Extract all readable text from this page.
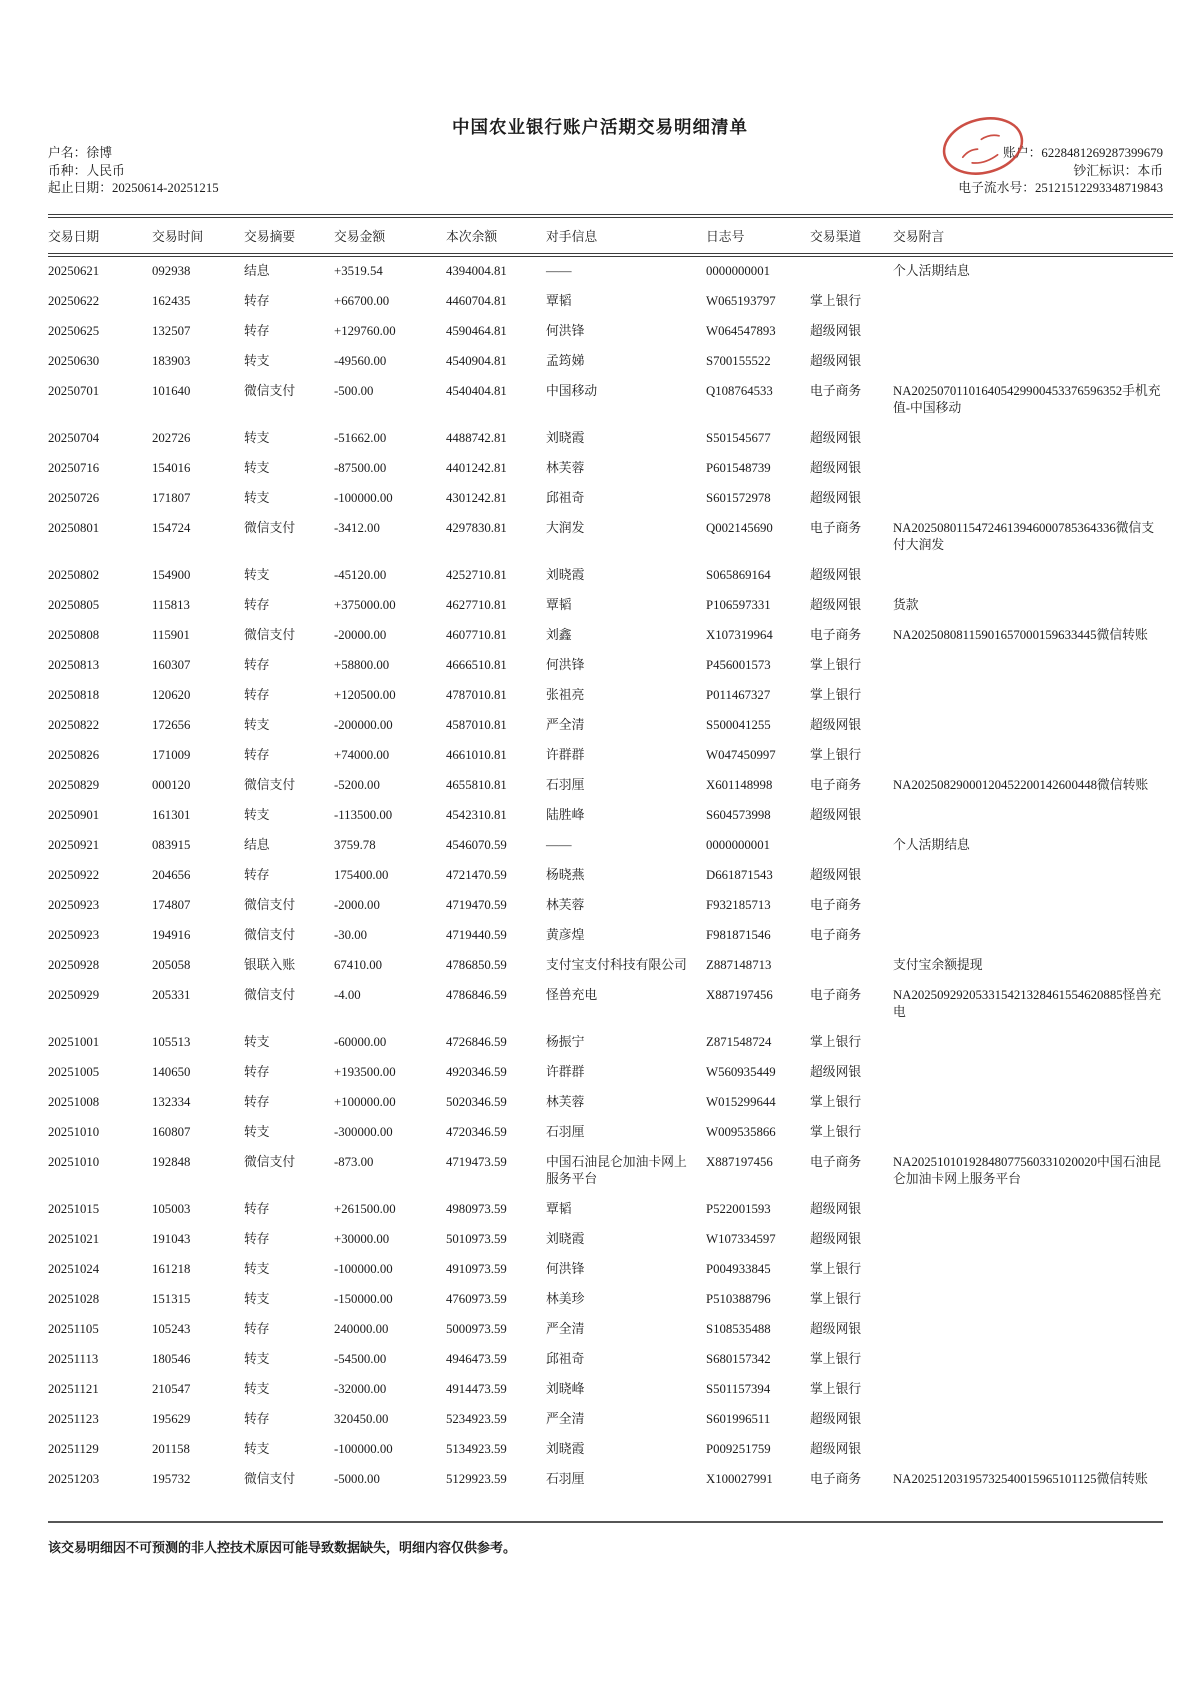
中国农业银行账户活期交易明细清单
户名：徐博
币种：人民币
起止日期：20250614-20251215
账户：6228481269287399679
钞汇标识：本币
电子流水号：25121512293348719843
交易日期	交易时间	交易摘要	交易金额	本次余额	对手信息	日志号	交易渠道	交易附言
20250621	092938	结息	+3519.54	4394004.81	——	0000000001		个人活期结息
20250622	162435	转存	+66700.00	4460704.81	覃韬	W065193797	掌上银行	
20250625	132507	转存	+129760.00	4590464.81	何洪锋	W064547893	超级网银	
20250630	183903	转支	-49560.00	4540904.81	孟筠娣	S700155522	超级网银	
20250701	101640	微信支付	-500.00	4540404.81	中国移动	Q108764533	电子商务	NA202507011016405429900453376596352手机充值-中国移动
20250704	202726	转支	-51662.00	4488742.81	刘晓霞	S501545677	超级网银	
20250716	154016	转支	-87500.00	4401242.81	林芙蓉	P601548739	超级网银	
20250726	171807	转支	-100000.00	4301242.81	邱祖奇	S601572978	超级网银	
20250801	154724	微信支付	-3412.00	4297830.81	大润发	Q002145690	电子商务	NA20250801154724613946000785364336微信支付大润发
20250802	154900	转支	-45120.00	4252710.81	刘晓霞	S065869164	超级网银	
20250805	115813	转存	+375000.00	4627710.81	覃韬	P106597331	超级网银	货款
20250808	115901	微信支付	-20000.00	4607710.81	刘鑫	X107319964	电子商务	NA20250808115901657000159633445微信转账
20250813	160307	转存	+58800.00	4666510.81	何洪锋	P456001573	掌上银行	
20250818	120620	转存	+120500.00	4787010.81	张祖亮	P011467327	掌上银行	
20250822	172656	转支	-200000.00	4587010.81	严全清	S500041255	超级网银	
20250826	171009	转存	+74000.00	4661010.81	许群群	W047450997	掌上银行	
20250829	000120	微信支付	-5200.00	4655810.81	石羽厘	X601148998	电子商务	NA20250829000120452200142600448微信转账
20250901	161301	转支	-113500.00	4542310.81	陆胜峰	S604573998	超级网银	
20250921	083915	结息	3759.78	4546070.59	——	0000000001		个人活期结息
20250922	204656	转存	175400.00	4721470.59	杨晓燕	D661871543	超级网银	
20250923	174807	微信支付	-2000.00	4719470.59	林芙蓉	F932185713	电子商务	
20250923	194916	微信支付	-30.00	4719440.59	黄彦煌	F981871546	电子商务	
20250928	205058	银联入账	67410.00	4786850.59	支付宝支付科技有限公司	Z887148713		支付宝余额提现
20250929	205331	微信支付	-4.00	4786846.59	怪兽充电	X887197456	电子商务	NA202509292053315421328461554620885怪兽充电
20251001	105513	转支	-60000.00	4726846.59	杨振宁	Z871548724	掌上银行	
20251005	140650	转存	+193500.00	4920346.59	许群群	W560935449	超级网银	
20251008	132334	转存	+100000.00	5020346.59	林芙蓉	W015299644	掌上银行	
20251010	160807	转支	-300000.00	4720346.59	石羽厘	W009535866	掌上银行	
20251010	192848	微信支付	-873.00	4719473.59	中国石油昆仑加油卡网上服务平台	X887197456	电子商务	NA20251010192848077560331020020中国石油昆仑加油卡网上服务平台
20251015	105003	转存	+261500.00	4980973.59	覃韬	P522001593	超级网银	
20251021	191043	转存	+30000.00	5010973.59	刘晓霞	W107334597	超级网银	
20251024	161218	转支	-100000.00	4910973.59	何洪锋	P004933845	掌上银行	
20251028	151315	转支	-150000.00	4760973.59	林美珍	P510388796	掌上银行	
20251105	105243	转存	240000.00	5000973.59	严全清	S108535488	超级网银	
20251113	180546	转支	-54500.00	4946473.59	邱祖奇	S680157342	掌上银行	
20251121	210547	转支	-32000.00	4914473.59	刘晓峰	S501157394	掌上银行	
20251123	195629	转存	320450.00	5234923.59	严全清	S601996511	超级网银	
20251129	201158	转支	-100000.00	5134923.59	刘晓霞	P009251759	超级网银	
20251203	195732	微信支付	-5000.00	5129923.59	石羽厘	X100027991	电子商务	NA20251203195732540015965101125微信转账
该交易明细因不可预测的非人控技术原因可能导致数据缺失，明细内容仅供参考。
